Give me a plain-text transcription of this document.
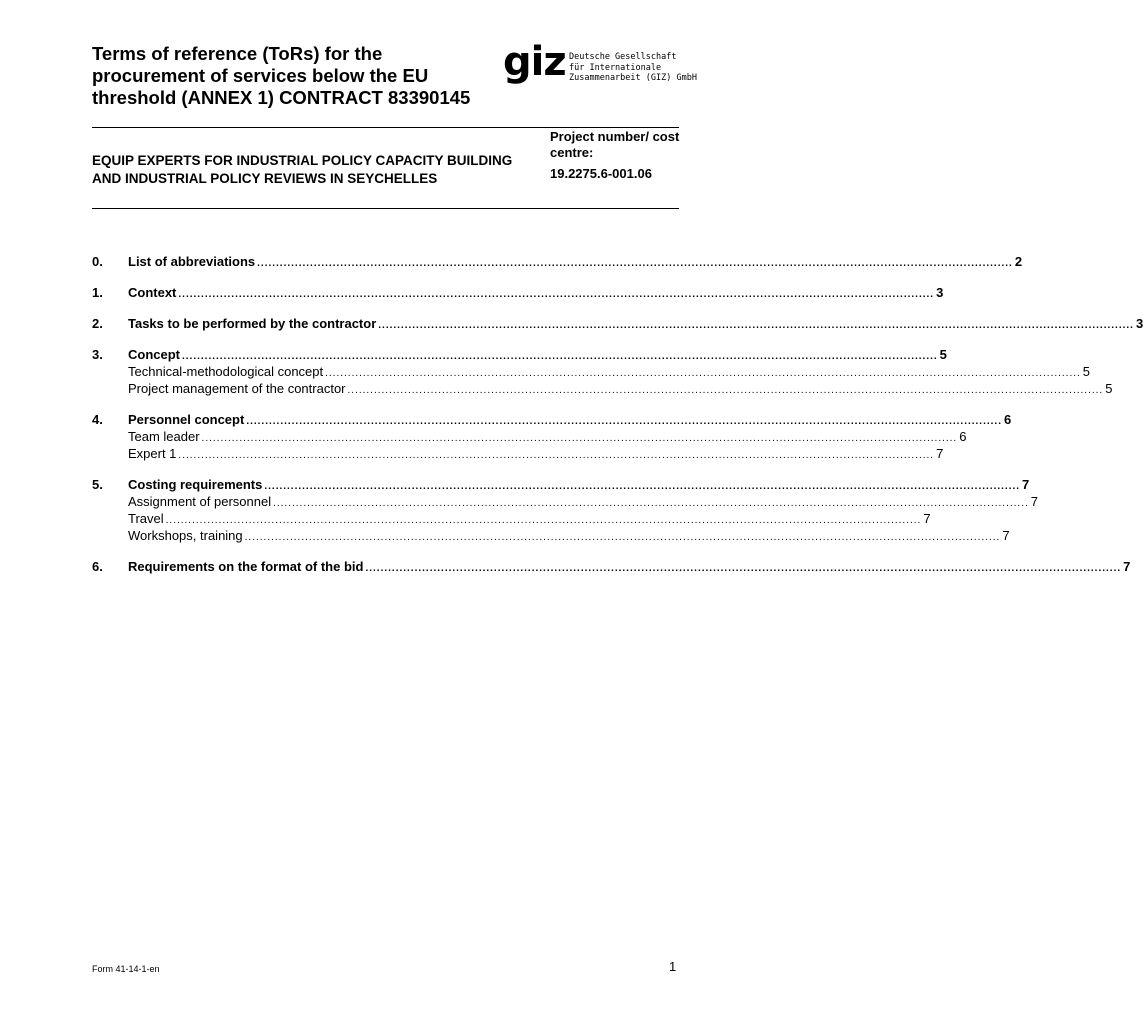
Terms of reference (ToRs) for the procurement of services below the EU threshold (ANNEX 1) CONTRACT 83390145
giz Deutsche Gesellschaft
für Internationale
Zusammenarbeit (GIZ) GmbH
EQUIP EXPERTS FOR INDUSTRIAL POLICY CAPACITY BUILDING AND INDUSTRIAL POLICY REVIEWS IN SEYCHELLES
Project number/ cost centre:
19.2275.6-001.06
0.	List of abbreviations ........................................................................................................................................................................................................ 2
1.	Context ........................................................................................................................................................................................................ 3
2.	Tasks to be performed by the contractor ........................................................................................................................................................................................................ 3
3.	Concept ........................................................................................................................................................................................................ 5
Technical-methodological concept ........................................................................................................................................................................................................ 5
Project management of the contractor ........................................................................................................................................................................................................ 5
4.	Personnel concept ........................................................................................................................................................................................................ 6
Team leader ........................................................................................................................................................................................................ 6
Expert 1 ........................................................................................................................................................................................................ 7
5.	Costing requirements ........................................................................................................................................................................................................ 7
Assignment of personnel ........................................................................................................................................................................................................ 7
Travel ........................................................................................................................................................................................................ 7
Workshops, training ........................................................................................................................................................................................................ 7
6.	Requirements on the format of the bid ........................................................................................................................................................................................................ 7
Form 41-14-1-en	1
